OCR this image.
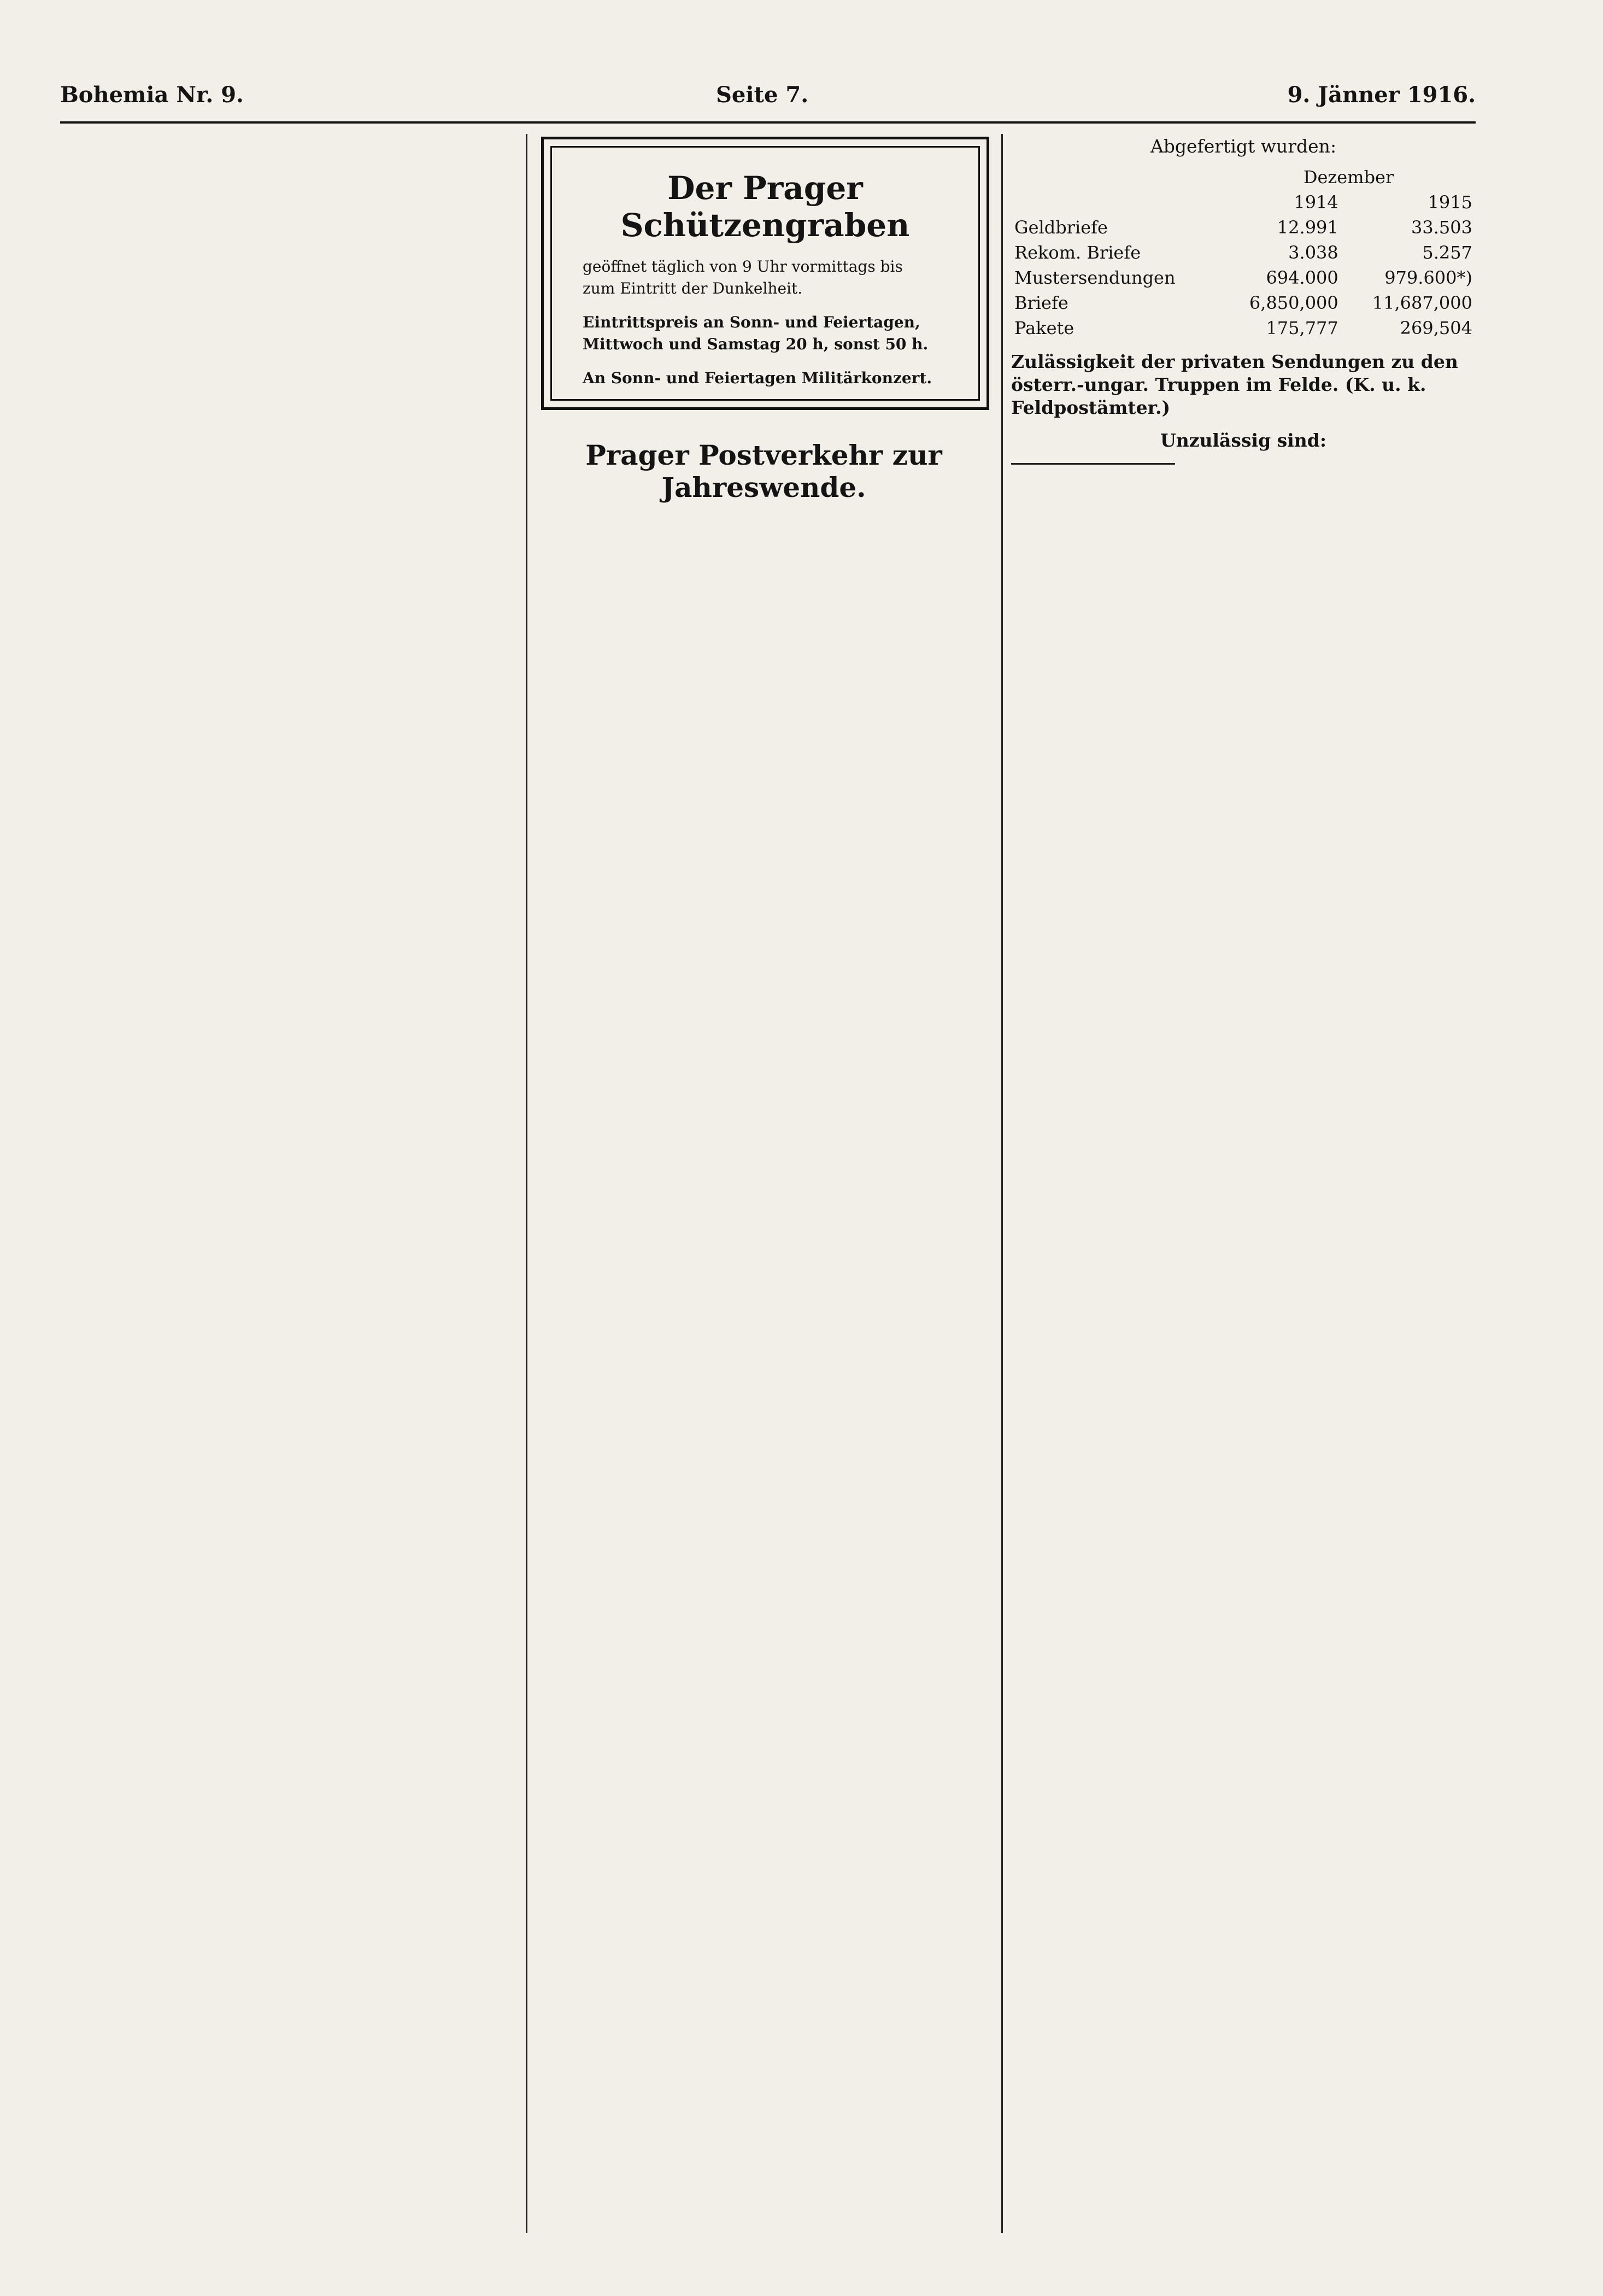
Bohemia Nr. 9.	Seite 7.	9. Jänner 1916.
Der Prager Schützengraben

geöffnet täglich von 9 Uhr vormittags bis

zum Eintritt der Dunkelheit.

Eintrittspreis an Sonn- und Feiertagen,

Mittwoch und Samstag 20 h, sonst 50 h.

An Sonn- und Feiertagen Militärkonzert.

Prager Postverkehr zur Jahreswende.

Abgefertigt wurden:

	Dezember	
	1914	1915
Geldbriefe	12.991	33.503
Rekom. Briefe	3.038	5.257
Mustersendungen	694.000	979.600*)
Briefe	6,850,000	11,687,000
Pakete	175,777	269,504
Zulässigkeit der privaten Sendungen zu den österr.-ungar. Truppen im Felde. (K. u. k. Feldpostämter.)
Unzulässig sind:
